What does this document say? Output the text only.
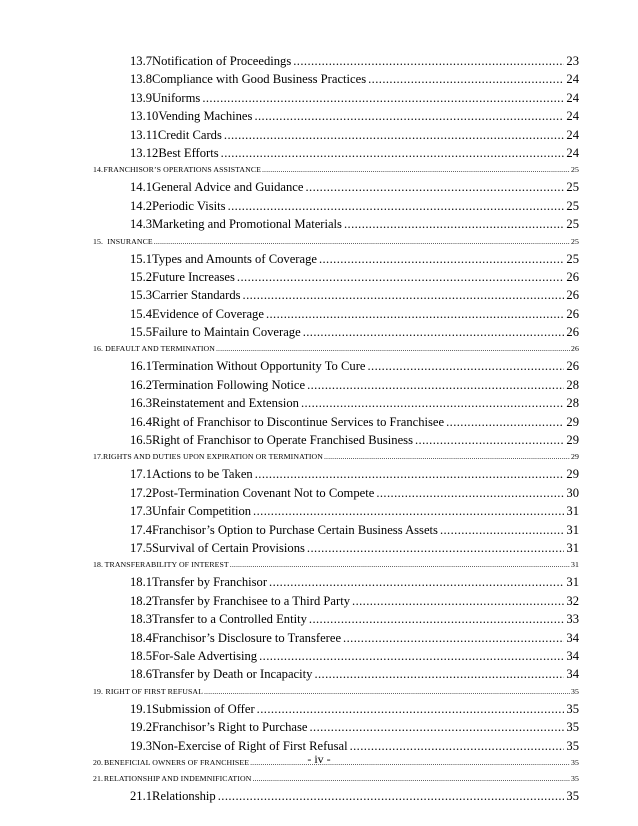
13.7 Notification of Proceedings .....	23
13.8 Compliance with Good Business Practices .....	24
13.9 Uniforms .....	24
13.10 Vending Machines .....	24
13.11 Credit Cards .....	24
13.12 Best Efforts .....	24
14. FRANCHISOR’S OPERATIONS ASSISTANCE .....	25
14.1 General Advice and Guidance .....	25
14.2 Periodic Visits .....	25
14.3 Marketing and Promotional Materials .....	25
15. INSURANCE .....	25
15.1 Types and Amounts of Coverage .....	25
15.2 Future Increases .....	26
15.3 Carrier Standards .....	26
15.4 Evidence of Coverage .....	26
15.5 Failure to Maintain Coverage .....	26
16. DEFAULT AND TERMINATION .....	26
16.1 Termination Without Opportunity To Cure .....	26
16.2 Termination Following Notice .....	28
16.3 Reinstatement and Extension .....	28
16.4 Right of Franchisor to Discontinue Services to Franchisee .....	29
16.5 Right of Franchisor to Operate Franchised Business .....	29
17. RIGHTS AND DUTIES UPON EXPIRATION OR TERMINATION .....	29
17.1 Actions to be Taken .....	29
17.2 Post-Termination Covenant Not to Compete .....	30
17.3 Unfair Competition .....	31
17.4 Franchisor’s Option to Purchase Certain Business Assets .....	31
17.5 Survival of Certain Provisions .....	31
18. TRANSFERABILITY OF INTEREST .....	31
18.1 Transfer by Franchisor .....	31
18.2 Transfer by Franchisee to a Third Party .....	32
18.3 Transfer to a Controlled Entity .....	33
18.4 Franchisor’s Disclosure to Transferee .....	34
18.5 For-Sale Advertising .....	34
18.6 Transfer by Death or Incapacity .....	34
19. RIGHT OF FIRST REFUSAL .....	35
19.1 Submission of Offer .....	35
19.2 Franchisor’s Right to Purchase .....	35
19.3 Non-Exercise of Right of First Refusal .....	35
20. BENEFICIAL OWNERS OF FRANCHISEE .....	35
21. RELATIONSHIP AND INDEMNIFICATION .....	35
21.1 Relationship .....	35
- iv -
